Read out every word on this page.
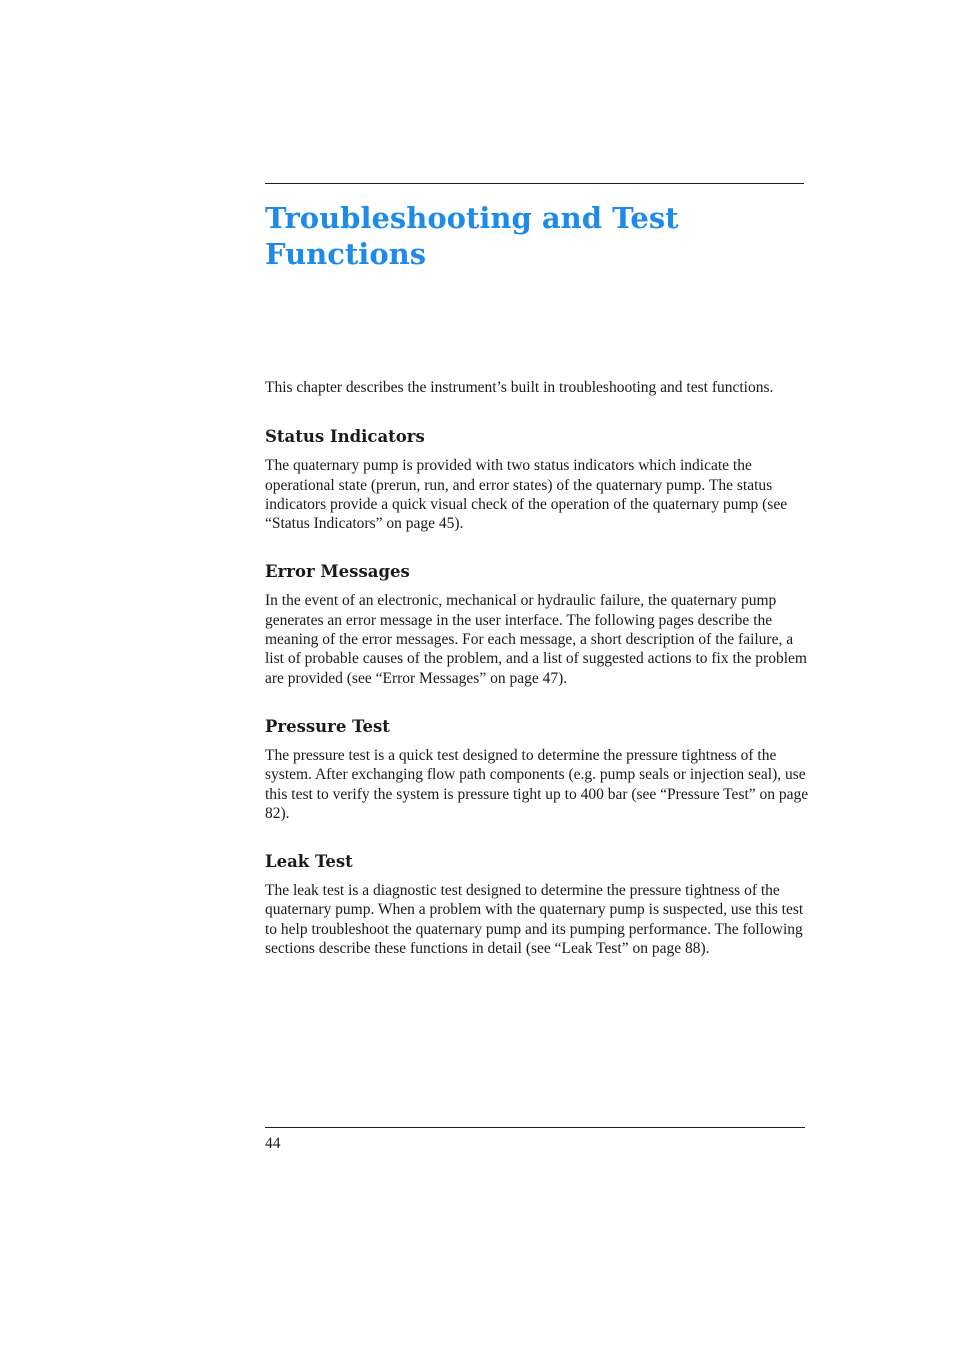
Troubleshooting and Test Functions

This chapter describes the instrument’s built in troubleshooting and test functions.

Status Indicators

The quaternary pump is provided with two status indicators which indicate the operational state (prerun, run, and error states) of the quaternary pump. The status indicators provide a quick visual check of the operation of the quaternary pump (see “Status Indicators” on page 45).

Error Messages

In the event of an electronic, mechanical or hydraulic failure, the quaternary pump generates an error message in the user interface. The following pages describe the meaning of the error messages. For each message, a short description of the failure, a list of probable causes of the problem, and a list of suggested actions to fix the problem are provided (see “Error Messages” on page 47).

Pressure Test

The pressure test is a quick test designed to determine the pressure tightness of the system. After exchanging flow path components (e.g. pump seals or injection seal), use this test to verify the system is pressure tight up to 400 bar (see “Pressure Test” on page 82).

Leak Test

The leak test is a diagnostic test designed to determine the pressure tightness of the quaternary pump. When a problem with the quaternary pump is suspected, use this test to help troubleshoot the quaternary pump and its pumping performance. The following sections describe these functions in detail (see “Leak Test” on page 88).

44
